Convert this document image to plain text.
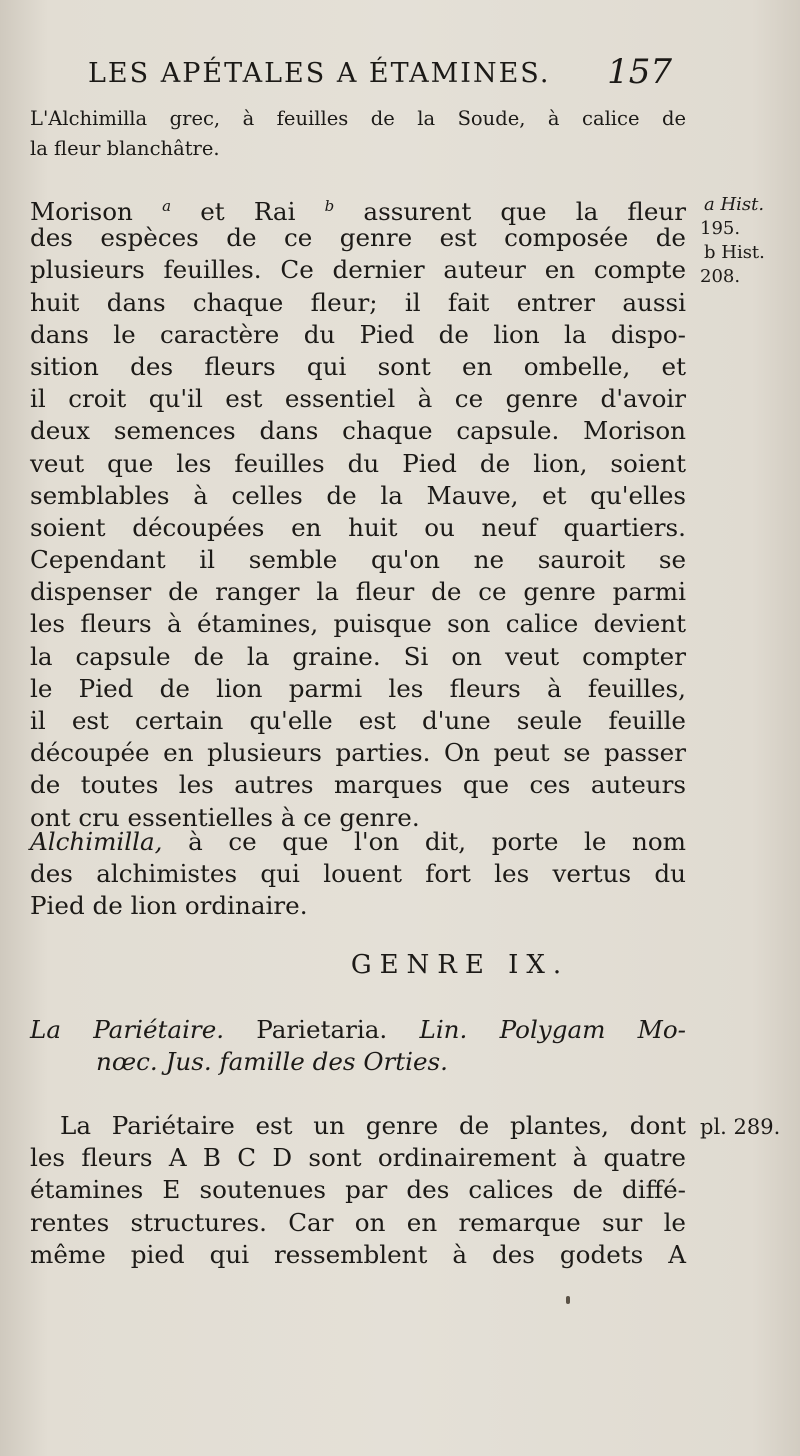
LES APÉTALES A ÉTAMINES. 157
L'Alchimilla grec, à feuilles de la Soude, à calice de
la fleur blanchâtre.
Morison $^a$ et Rai $^b$ assurent que la fleur
des espèces de ce genre est composée de
plusieurs feuilles. Ce dernier auteur en compte
huit dans chaque fleur; il fait entrer aussi
dans le caractère du Pied de lion la dispo-
sition des fleurs qui sont en ombelle, et
il croit qu'il est essentiel à ce genre d'avoir
deux semences dans chaque capsule. Morison
veut que les feuilles du Pied de lion, soient
semblables à celles de la Mauve, et qu'elles
soient découpées en huit ou neuf quartiers.
Cependant il semble qu'on ne sauroit se
dispenser de ranger la fleur de ce genre parmi
les fleurs à étamines, puisque son calice devient
la capsule de la graine. Si on veut compter
le Pied de lion parmi les fleurs à feuilles,
il est certain qu'elle est d'une seule feuille
découpée en plusieurs parties. On peut se passer
de toutes les autres marques que ces auteurs
ont cru essentielles à ce genre.
Alchimilla, à ce que l'on dit, porte le nom
des alchimistes qui louent fort les vertus du
Pied de lion ordinaire.
GENRE IX.
La Pariétaire. Parietaria. Lin. Polygam Mo-
nœc. Jus. famille des Orties.
La Pariétaire est un genre de plantes, dont
les fleurs A B C D sont ordinairement à quatre
étamines E soutenues par des calices de diffé-
rentes structures. Car on en remarque sur le
même pied qui ressemblent à des godets A
a Hist.
195.
b Hist.
208.
pl. 289.
